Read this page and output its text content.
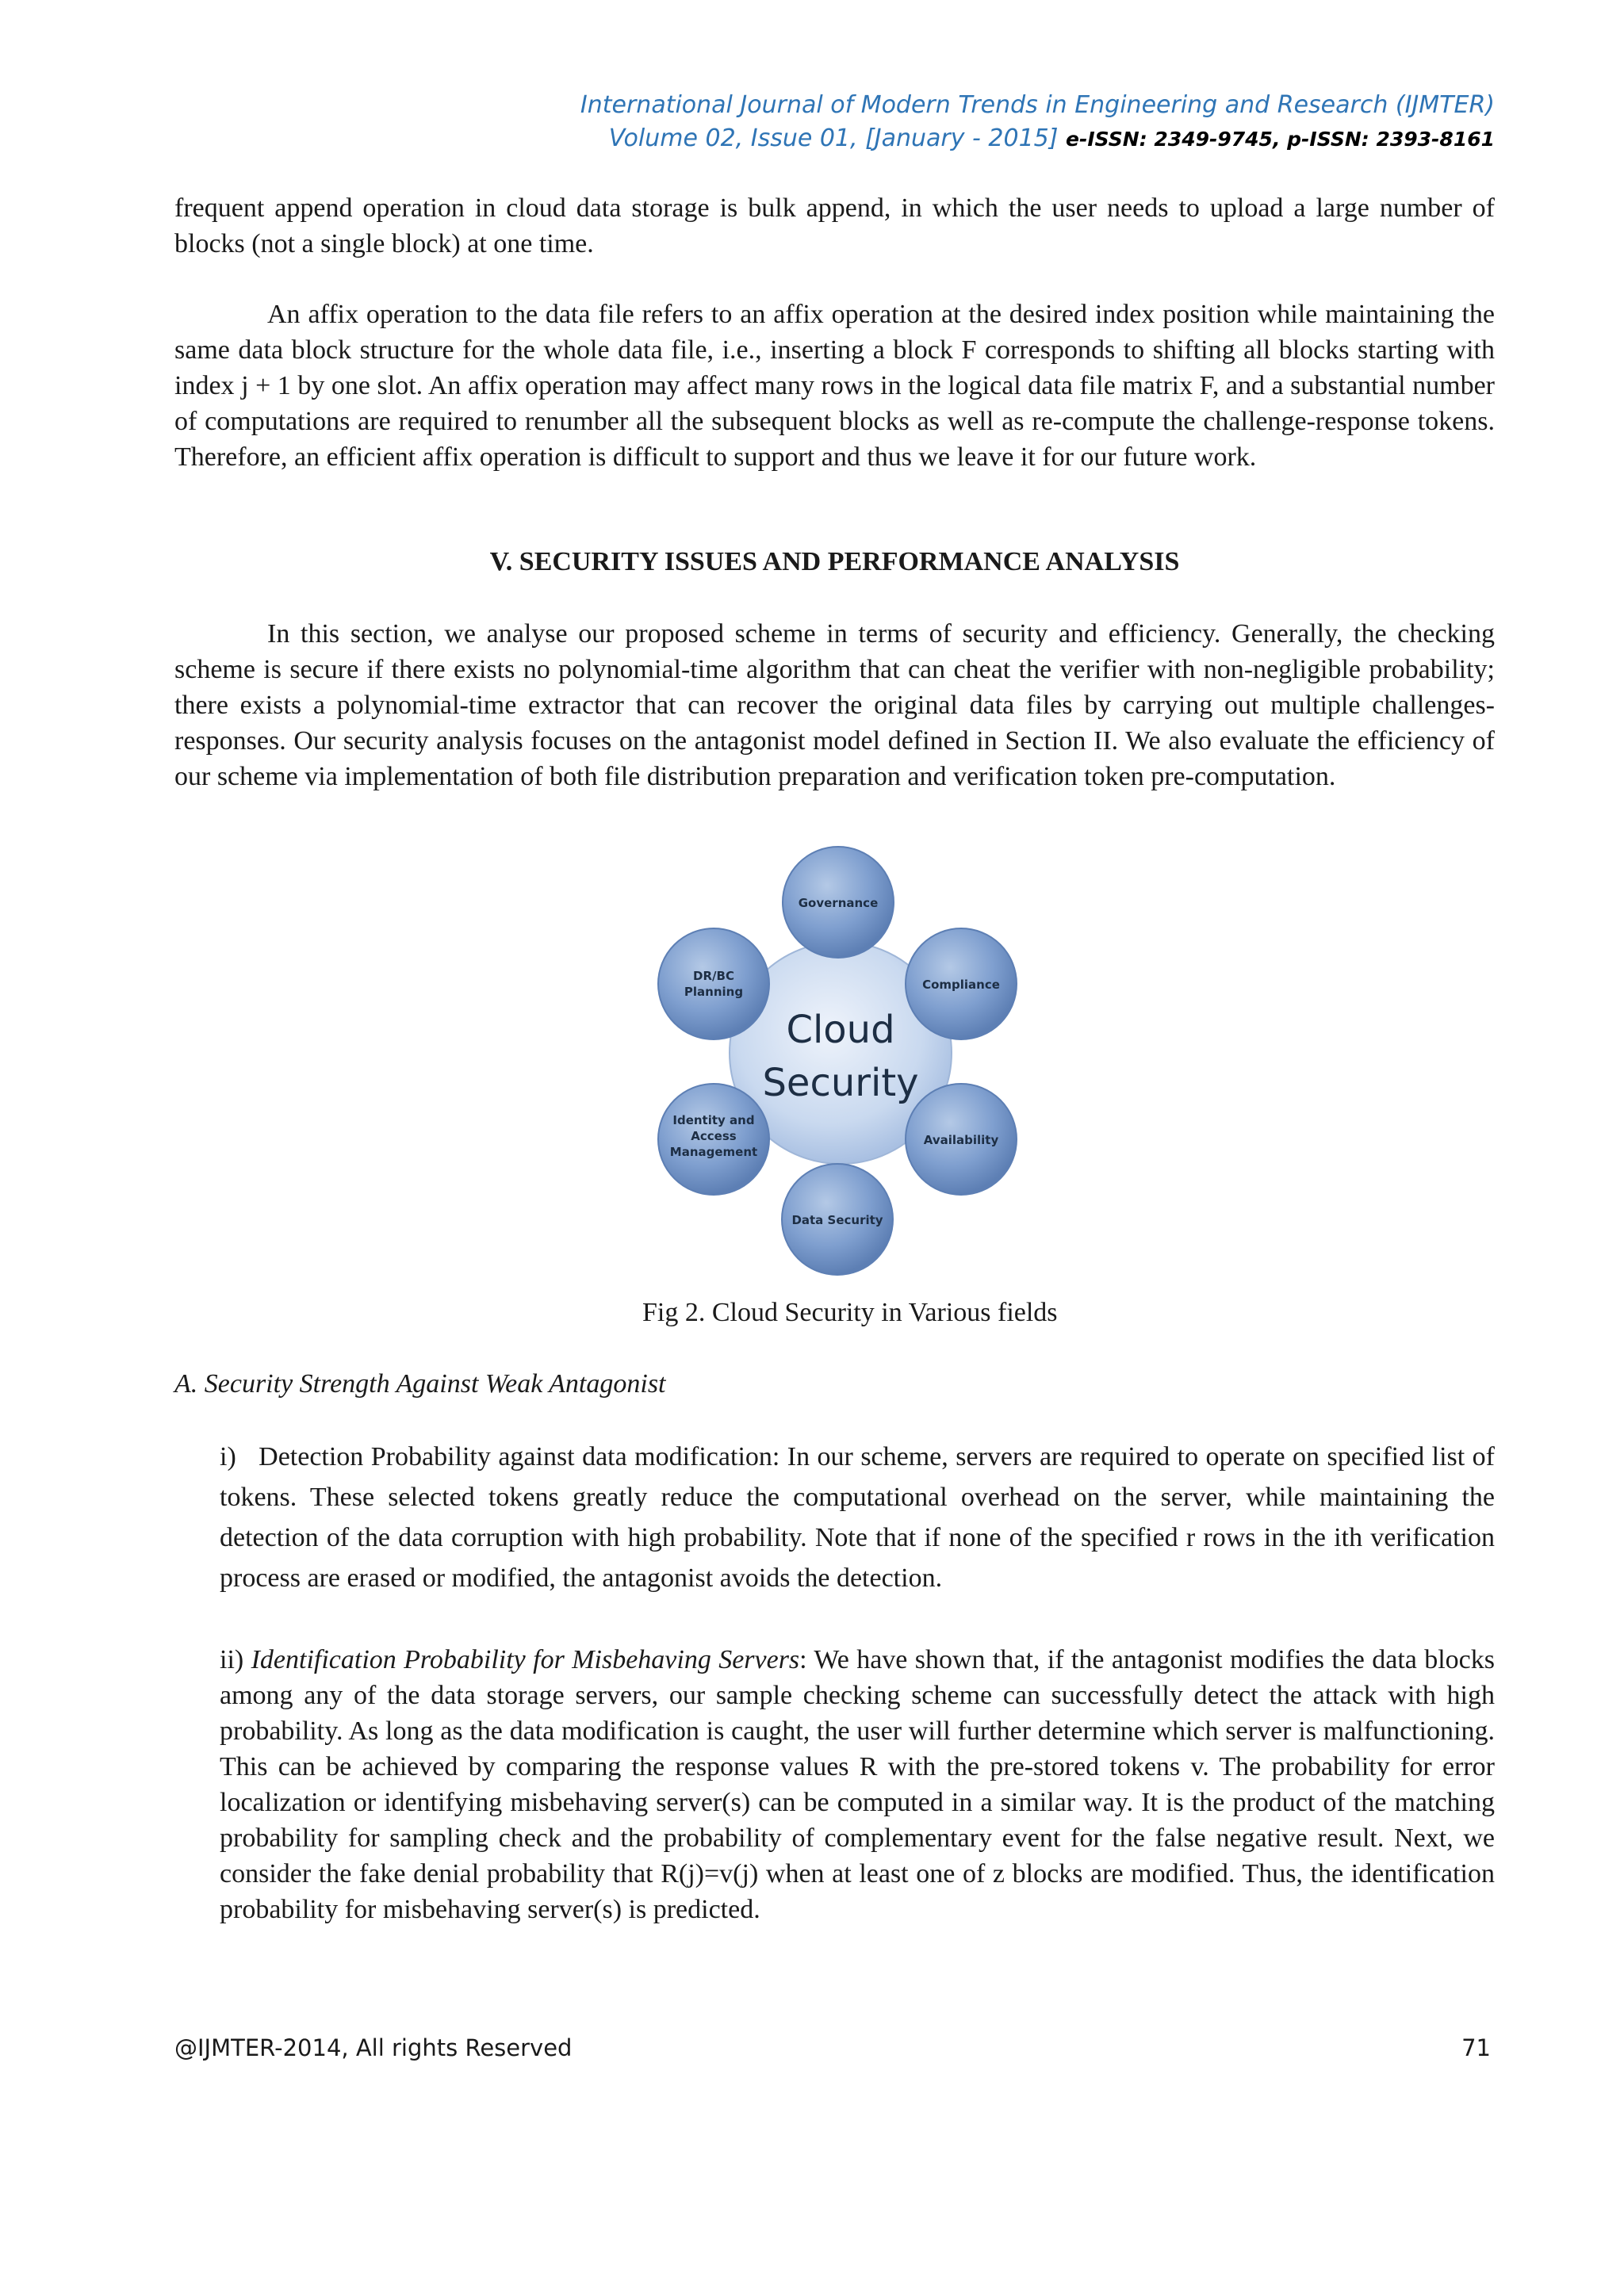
International Journal of Modern Trends in Engineering and Research (IJMTER)
Volume 02, Issue 01, [January - 2015] e-ISSN: 2349-9745, p-ISSN: 2393-8161

frequent append operation in cloud data storage is bulk append, in which the user needs to upload a large number of blocks (not a single block) at one time.

An affix operation to the data file refers to an affix operation at the desired index position while maintaining the same data block structure for the whole data file, i.e., inserting a block F corresponds to shifting all blocks starting with index j + 1 by one slot. An affix operation may affect many rows in the logical data file matrix F, and a substantial number of computations are required to renumber all the subsequent blocks as well as re-compute the challenge-response tokens. Therefore, an efficient affix operation is difficult to support and thus we leave it for our future work.

V. SECURITY ISSUES AND PERFORMANCE ANALYSIS

In this section, we analyse our proposed scheme in terms of security and efficiency. Generally, the checking scheme is secure if there exists no polynomial-time algorithm that can cheat the verifier with non-negligible probability; there exists a polynomial-time extractor that can recover the original data files by carrying out multiple challenges-responses. Our security analysis focuses on the antagonist model defined in Section II. We also evaluate the efficiency of our scheme via implementation of both file distribution preparation and verification token pre-computation.

Cloud
Security
Governance
Compliance
Availability
Data Security
Identity and
Access
Management
DR/BC
Planning

Fig 2. Cloud Security in Various fields

A. Security Strength Against Weak Antagonist

i) Detection Probability against data modification: In our scheme, servers are required to operate on specified list of tokens. These selected tokens greatly reduce the computational overhead on the server, while maintaining the detection of the data corruption with high probability. Note that if none of the specified r rows in the ith verification process are erased or modified, the antagonist avoids the detection.

ii) Identification Probability for Misbehaving Servers: We have shown that, if the antagonist modifies the data blocks among any of the data storage servers, our sample checking scheme can successfully detect the attack with high probability. As long as the data modification is caught, the user will further determine which server is malfunctioning. This can be achieved by comparing the response values R with the pre-stored tokens v. The probability for error localization or identifying misbehaving server(s) can be computed in a similar way. It is the product of the matching probability for sampling check and the probability of complementary event for the false negative result. Next, we consider the fake denial probability that R(j)=v(j) when at least one of z blocks are modified. Thus, the identification probability for misbehaving server(s) is predicted.

@IJMTER-2014, All rights Reserved	71
